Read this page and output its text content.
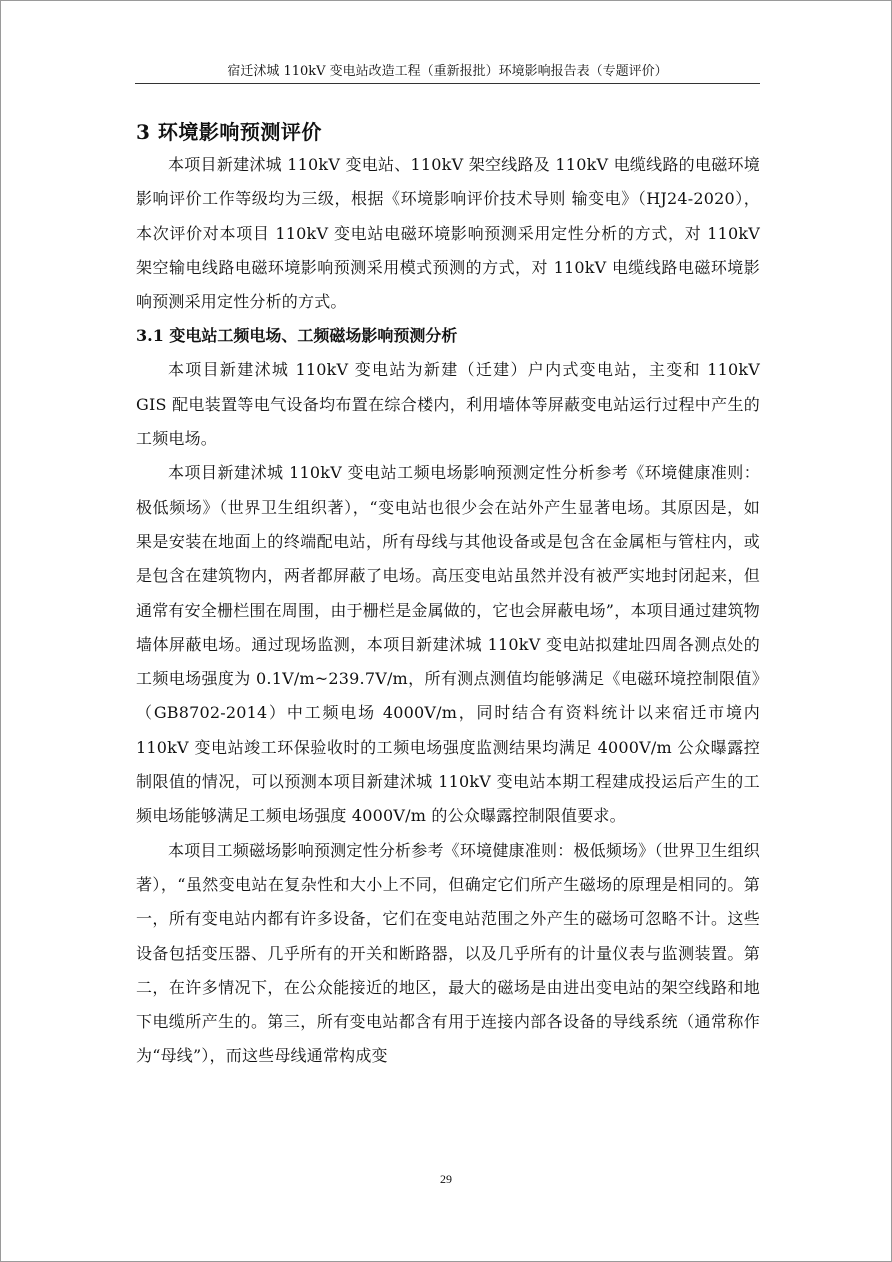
宿迁沭城 110kV 变电站改造工程（重新报批）环境影响报告表（专题评价）
3 环境影响预测评价

本项目新建沭城 110kV 变电站、110kV 架空线路及 110kV 电缆线路的电磁环境影响评价工作等级均为三级，根据《环境影响评价技术导则 输变电》（HJ24-2020），本次评价对本项目 110kV 变电站电磁环境影响预测采用定性分析的方式，对 110kV 架空输电线路电磁环境影响预测采用模式预测的方式，对 110kV 电缆线路电磁环境影响预测采用定性分析的方式。

3.1 变电站工频电场、工频磁场影响预测分析

本项目新建沭城 110kV 变电站为新建（迁建）户内式变电站，主变和 110kV GIS 配电装置等电气设备均布置在综合楼内，利用墙体等屏蔽变电站运行过程中产生的工频电场。

本项目新建沭城 110kV 变电站工频电场影响预测定性分析参考《环境健康准则：极低频场》（世界卫生组织著），“变电站也很少会在站外产生显著电场。其原因是，如果是安装在地面上的终端配电站，所有母线与其他设备或是包含在金属柜与管柱内，或是包含在建筑物内，两者都屏蔽了电场。高压变电站虽然并没有被严实地封闭起来，但通常有安全栅栏围在周围，由于栅栏是金属做的，它也会屏蔽电场”，本项目通过建筑物墙体屏蔽电场。通过现场监测，本项目新建沭城 110kV 变电站拟建址四周各测点处的工频电场强度为 0.1V/m~239.7V/m，所有测点测值均能够满足《电磁环境控制限值》（GB8702-2014）中工频电场 4000V/m，同时结合有资料统计以来宿迁市境内 110kV 变电站竣工环保验收时的工频电场强度监测结果均满足 4000V/m 公众曝露控制限值的情况，可以预测本项目新建沭城 110kV 变电站本期工程建成投运后产生的工频电场能够满足工频电场强度 4000V/m 的公众曝露控制限值要求。

本项目工频磁场影响预测定性分析参考《环境健康准则：极低频场》（世界卫生组织著），“虽然变电站在复杂性和大小上不同，但确定它们所产生磁场的原理是相同的。第一，所有变电站内都有许多设备，它们在变电站范围之外产生的磁场可忽略不计。这些设备包括变压器、几乎所有的开关和断路器，以及几乎所有的计量仪表与监测装置。第二，在许多情况下，在公众能接近的地区，最大的磁场是由进出变电站的架空线路和地下电缆所产生的。第三，所有变电站都含有用于连接内部各设备的导线系统（通常称作为“母线”），而这些母线通常构成变

29
